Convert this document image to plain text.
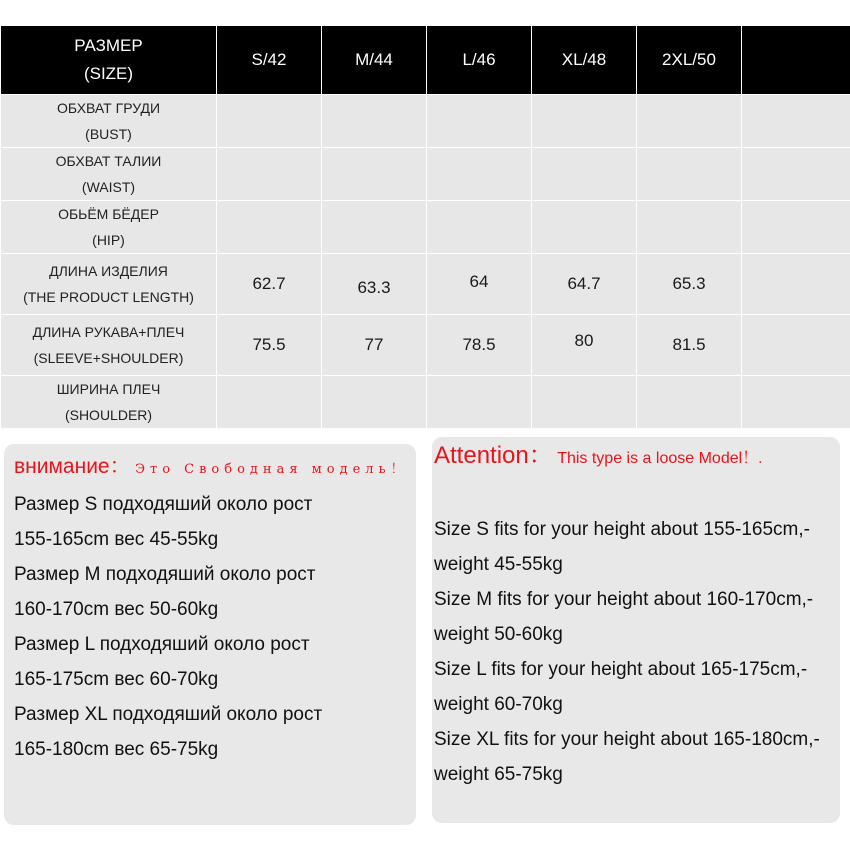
РАЗМЕР
(SIZE)	S/42	M/44	L/46	XL/48	2XL/50	

ОБХВАТ ГРУДИ
(BUST)						

ОБХВАТ ТАЛИИ
(WAIST)						

ОБЬЁМ БЁДЕР
(HIP)						

ДЛИНА ИЗДЕЛИЯ
(THE PRODUCT LENGTH)	62.7	63.3	64	64.7	65.3	

ДЛИНА РУКАВА+ПЛЕЧ
(SLEEVE+SHOULDER)	75.5	77	78.5	80	81.5	

ШИРИНА ПЛЕЧ
(SHOULDER)						

внимание： Это Свободная модель！

Размер S подходяший около рост

155-165cm вес 45-55kg

Размер M подходяший около рост

160-170cm вес 50-60kg

Размер L подходяший около рост

165-175cm вес 60-70kg

Размер XL подходяший около рост

165-180cm вес 65-75kg

Attention： This type is a loose Model！.

Size S fits for your height about 155-165cm,-

weight 45-55kg

Size M fits for your height about 160-170cm,-

weight 50-60kg

Size L fits for your height about 165-175cm,-

weight 60-70kg

Size XL fits for your height about 165-180cm,-

weight 65-75kg
